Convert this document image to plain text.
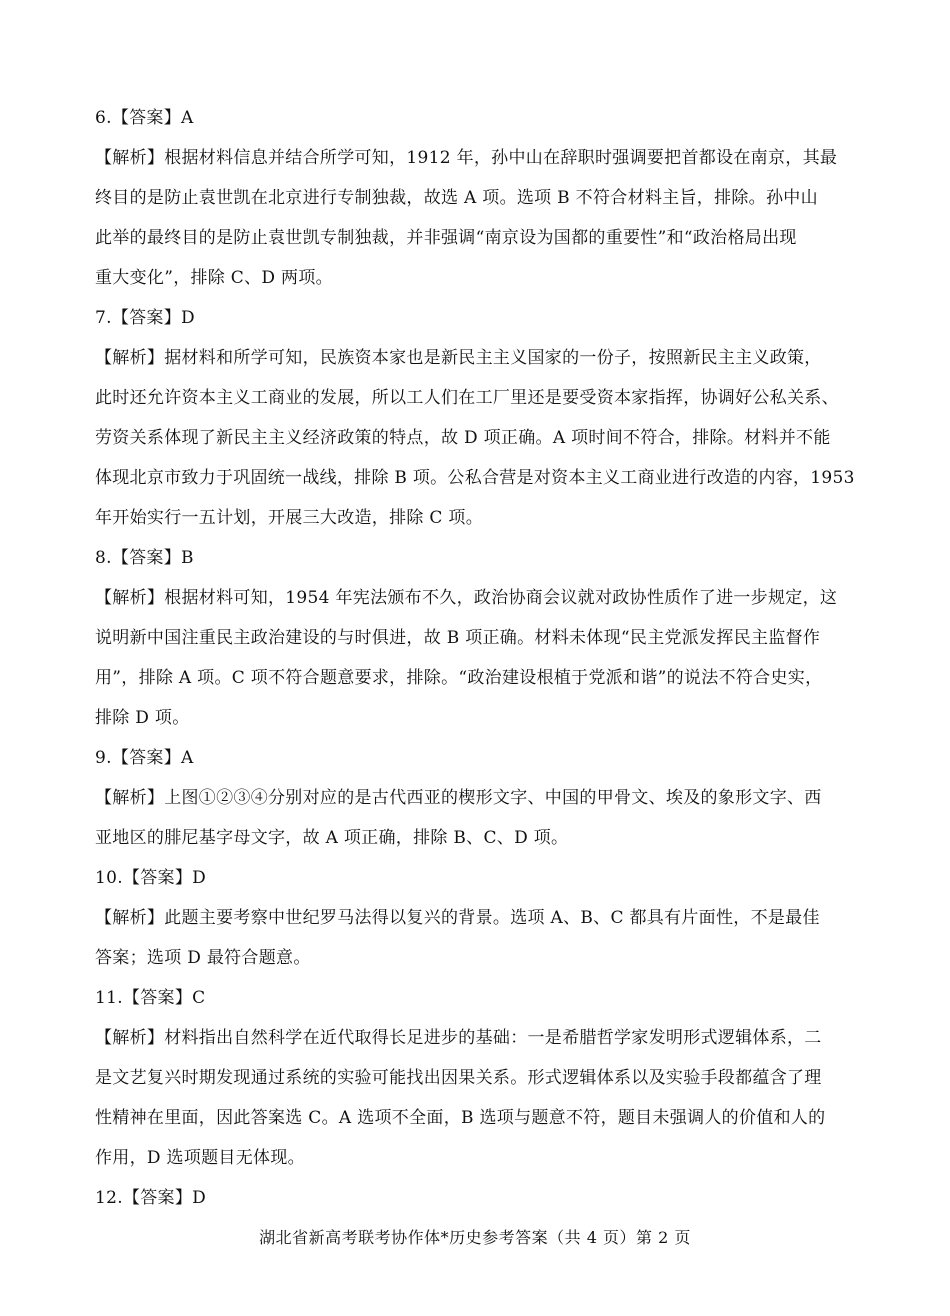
6.【答案】A
【解析】根据材料信息并结合所学可知，1912 年，孙中山在辞职时强调要把首都设在南京，其最
终目的是防止袁世凯在北京进行专制独裁，故选 A 项。选项 B 不符合材料主旨，排除。孙中山
此举的最终目的是防止袁世凯专制独裁，并非强调“南京设为国都的重要性”和“政治格局出现
重大变化”，排除 C、D 两项。
7.【答案】D
【解析】据材料和所学可知，民族资本家也是新民主主义国家的一份子，按照新民主主义政策，
此时还允许资本主义工商业的发展，所以工人们在工厂里还是要受资本家指挥，协调好公私关系、
劳资关系体现了新民主主义经济政策的特点，故 D 项正确。A 项时间不符合，排除。材料并不能
体现北京市致力于巩固统一战线，排除 B 项。公私合营是对资本主义工商业进行改造的内容，1953
年开始实行一五计划，开展三大改造，排除 C 项。
8.【答案】B
【解析】根据材料可知，1954 年宪法颁布不久，政治协商会议就对政协性质作了进一步规定，这
说明新中国注重民主政治建设的与时俱进，故 B 项正确。材料未体现“民主党派发挥民主监督作
用”，排除 A 项。C 项不符合题意要求，排除。“政治建设根植于党派和谐”的说法不符合史实，
排除 D 项。
9.【答案】A
【解析】上图①②③④分别对应的是古代西亚的楔形文字、中国的甲骨文、埃及的象形文字、西
亚地区的腓尼基字母文字，故 A 项正确，排除 B、C、D 项。
10.【答案】D
【解析】此题主要考察中世纪罗马法得以复兴的背景。选项 A、B、C 都具有片面性，不是最佳
答案；选项 D 最符合题意。
11.【答案】C
【解析】材料指出自然科学在近代取得长足进步的基础：一是希腊哲学家发明形式逻辑体系，二
是文艺复兴时期发现通过系统的实验可能找出因果关系。形式逻辑体系以及实验手段都蕴含了理
性精神在里面，因此答案选 C。A 选项不全面，B 选项与题意不符，题目未强调人的价值和人的
作用，D 选项题目无体现。
12.【答案】D
湖北省新高考联考协作体*历史参考答案（共 4 页）第 2 页
